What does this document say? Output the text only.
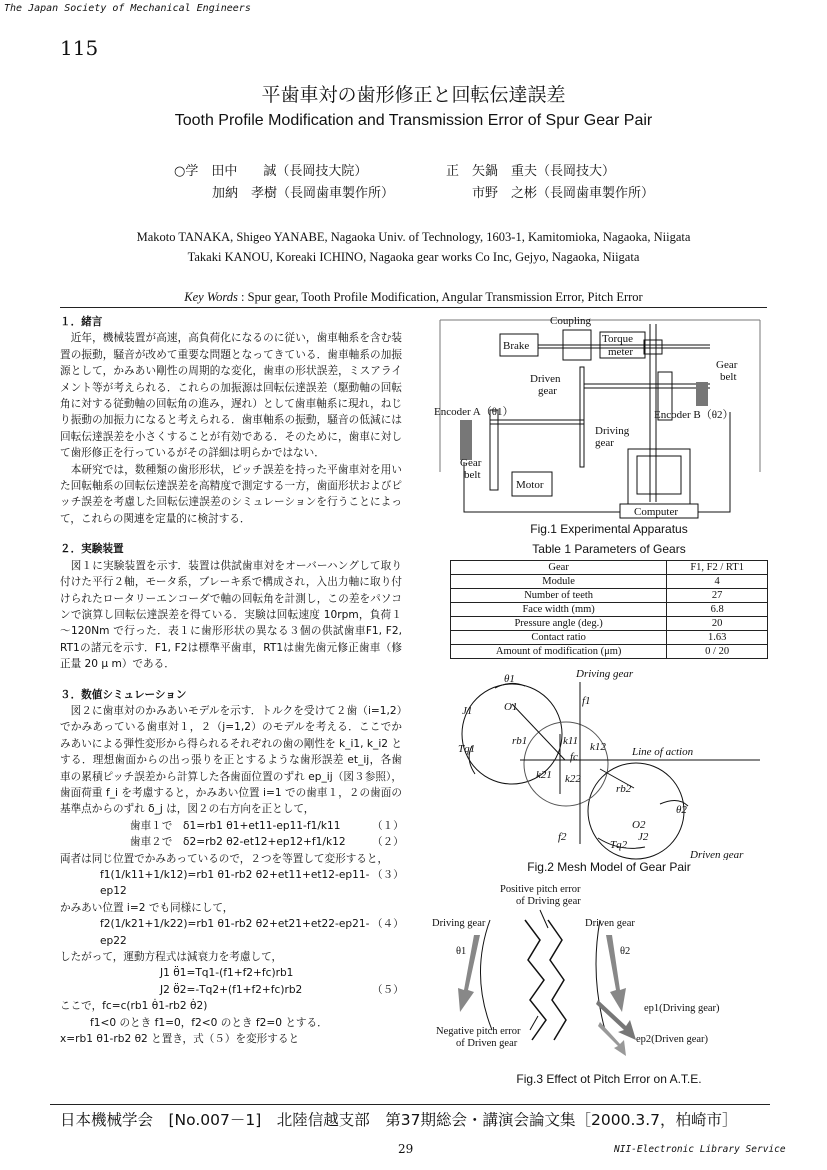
The Japan Society of Mechanical Engineers
115
平歯車対の歯形修正と回転伝達誤差
Tooth Profile Modification and Transmission Error of Spur Gear Pair
○学　田中　　誠（長岡技大院）	正　矢鍋　重夫（長岡技大）
加納　孝樹（長岡歯車製作所）	市野　之彬（長岡歯車製作所）
Makoto TANAKA, Shigeo YANABE, Nagaoka Univ. of Technology, 1603-1, Kamitomioka, Nagaoka, Niigata
Takaki KANOU, Koreaki ICHINO, Nagaoka gear works Co Inc, Gejyo, Nagaoka, Niigata
Key Words : Spur gear, Tooth Profile Modification, Angular Transmission Error, Pitch Error

１．緒言

　近年，機械装置が高速，高負荷化になるのに従い，歯車軸系を含む装置の振動，騒音が改めて重要な問題となってきている．歯車軸系の加振源として，かみあい剛性の周期的な変化，歯車の形状誤差，ミスアライメント等が考えられる．これらの加振源は回転伝達誤差（駆動軸の回転角に対する従動軸の回転角の進み，遅れ）として歯車軸系に現れ，ねじり振動の加振力になると考えられる．歯車軸系の振動，騒音の低減には回転伝達誤差を小さくすることが有効である．そのために，歯車に対して歯形修正を行っているがその詳細は明らかではない．

　本研究では，数種類の歯形形状，ピッチ誤差を持った平歯車対を用いた回転軸系の回転伝達誤差を高精度で測定する一方，歯面形状およびピッチ誤差を考慮した回転伝達誤差のシミュレーションを行うことによって，これらの関連を定量的に検討する．

２．実験装置

　図１に実験装置を示す．装置は供試歯車対をオーバーハングして取り付けた平行２軸，モータ系，ブレーキ系で構成され，入出力軸に取り付けられたロータリーエンコーダで軸の回転角を計測し，この差をパソコンで演算し回転伝達誤差を得ている．実験は回転速度 10rpm，負荷１～120Nm で行った．表１に歯形形状の異なる３個の供試歯車F1, F2, RT1の諸元を示す．F1, F2は標準平歯車，RT1は歯先歯元修正歯車（修正量 20 μ m）である．

３．数値シミュレーション

　図２に歯車対のかみあいモデルを示す．トルクを受けて２歯（i=1,2）でかみあっている歯車対１，２（j=1,2）のモデルを考える．ここでかみあいによる弾性変形から得られるそれぞれの歯の剛性を k_i1, k_i2 とする．理想歯面からの出っ張りを正とするような歯形誤差 et_ij，各歯車の累積ピッチ誤差から計算した各歯面位置のずれ ep_ij（図３参照），歯面荷重 f_i を考慮すると，かみあい位置 i=1 での歯車１，２の歯面の基準点からのずれ δ_j は，図２の右方向を正として，

歯車１で　δ1=rb1 θ1+et11-ep11-f1/k11	（１）
歯車２で　δ2=rb2 θ2-et12+ep12+f1/k12 （２）

両者は同じ位置でかみあっているので，２つを等置して変形すると，

f1(1/k11+1/k12)=rb1 θ1-rb2 θ2+et11+et12-ep11- ep12
（３）

かみあい位置 i=2 でも同様にして，

f2(1/k21+1/k22)=rb1 θ1-rb2 θ2+et21+et22-ep21- ep22
（４）

したがって，運動方程式は減衰力を考慮して，

J1 θ̈1=Tq1-(f1+f2+fc)rb1
J2 θ̈2=-Tq2+(f1+f2+fc)rb2	（５）

ここで，fc=c(rb1 θ̇1-rb2 θ̇2)

f1<0 のとき f1=0，f2<0 のとき f2=0 とする．

x=rb1 θ1-rb2 θ2 と置き，式（５）を変形すると

Coupling
Brake
Torque
meter
Gear
belt
Driven
gear
Encoder A（θ1）	Encoder B（θ2）
Driving
gear
Gear
belt
Motor
Computer
Fig.1 Experimental Apparatus
Table 1 Parameters of Gears
Gear	F1, F2 / RT1
Module	4
Number of teeth	27
Face width (mm)	6.8
Pressure angle (deg.)	20
Contact ratio	1.63
Amount of modification (μm)	0 / 20
Driving gear
Driven gear
Line of action
θ1
θ2
J1
J2
O1
O2
Tq1
Tq2
rb1
rb2
f1
f2
fc
k11 k12
k21 k22
Fig.2 Mesh Model of Gear Pair
Positive pitch error
of Driving gear
Driving gear	Driven gear
θ1	θ2
ep1(Driving gear)
ep2(Driven gear)
Negative pitch error
of Driven gear
Fig.3 Effect ot Pitch Error on A.T.E.
日本機械学会　[No.007－1]　北陸信越支部　第37期総会・講演会論文集［2000.3.7，柏崎市］
29	NII-Electronic Library Service
